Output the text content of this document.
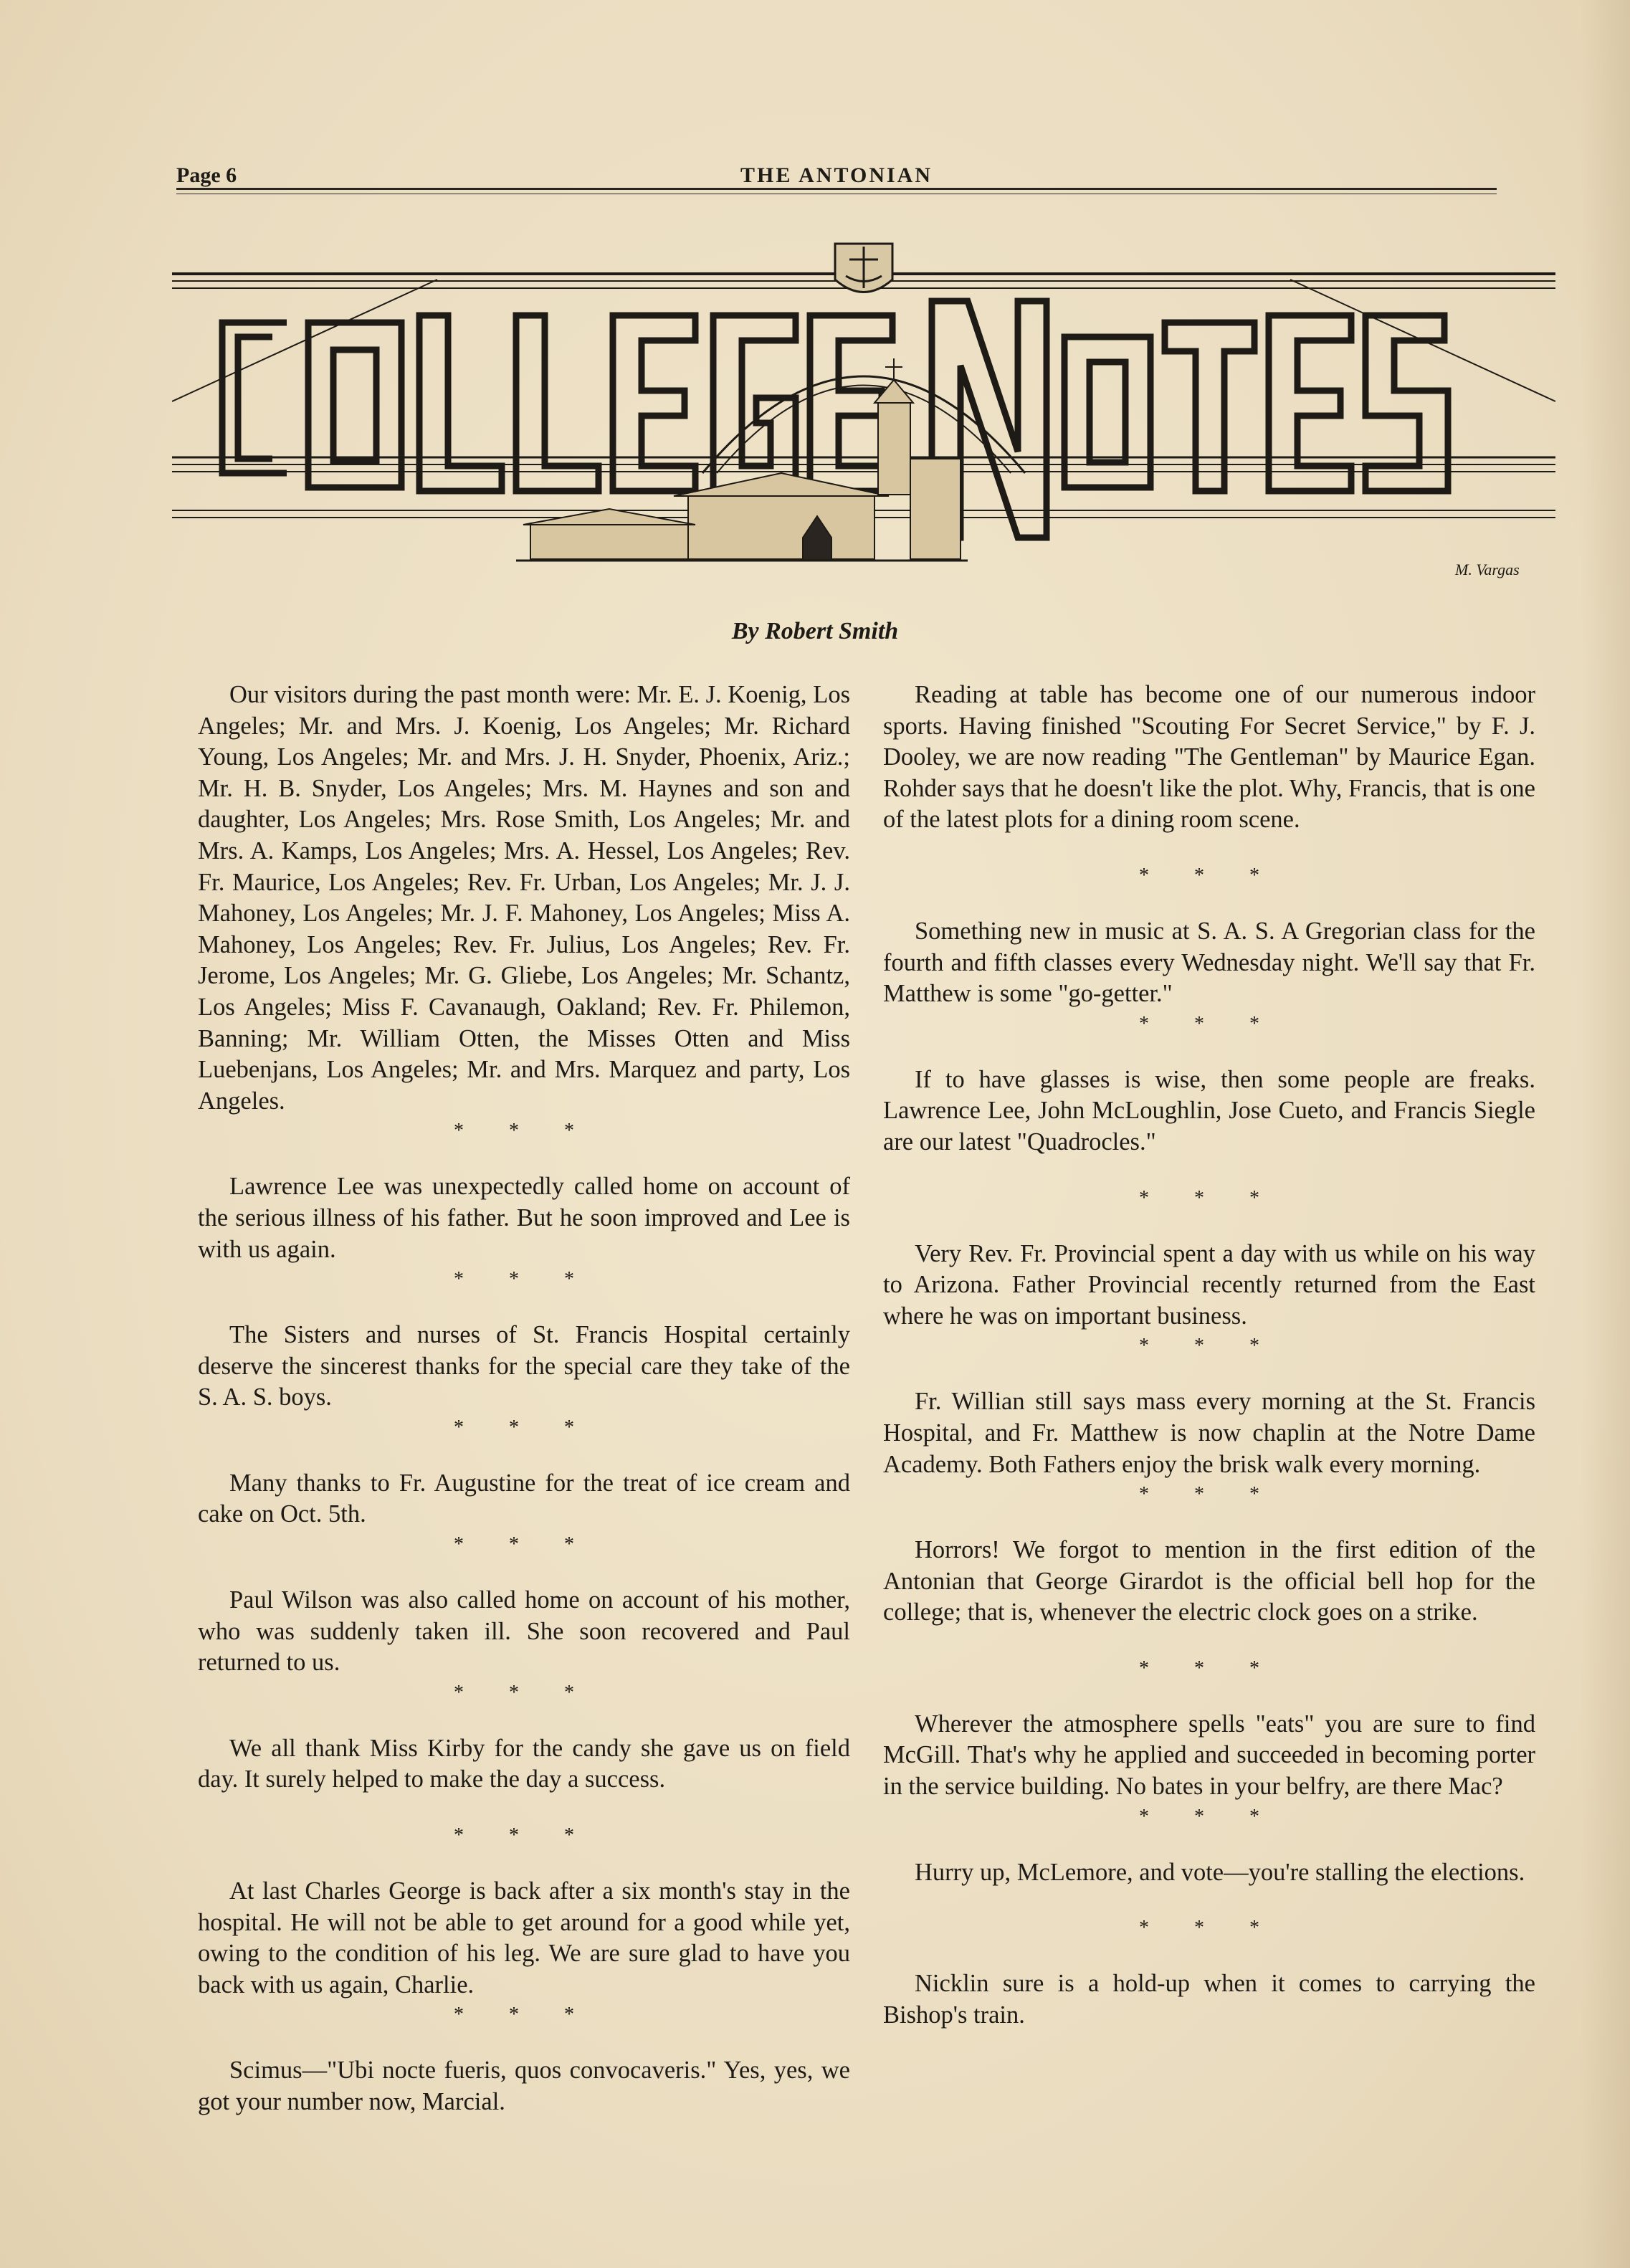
Page 6	THE ANTONIAN
M. Vargas
By Robert Smith

Our visitors during the past month were: Mr. E. J. Koenig, Los Angeles; Mr. and Mrs. J. Koenig, Los Angeles; Mr. Richard Young, Los Angeles; Mr. and Mrs. J. H. Snyder, Phoenix, Ariz.; Mr. H. B. Snyder, Los Angeles; Mrs. M. Haynes and son and daughter, Los Angeles; Mrs. Rose Smith, Los Angeles; Mr. and Mrs. A. Kamps, Los Angeles; Mrs. A. Hessel, Los Angeles; Rev. Fr. Maurice, Los Angeles; Rev. Fr. Urban, Los Angeles; Mr. J. J. Mahoney, Los Angeles; Mr. J. F. Mahoney, Los Angeles; Miss A. Mahoney, Los Angeles; Rev. Fr. Julius, Los Angeles; Rev. Fr. Jerome, Los Angeles; Mr. G. Gliebe, Los Angeles; Mr. Schantz, Los Angeles; Miss F. Cavanaugh, Oakland; Rev. Fr. Philemon, Banning; Mr. William Otten, the Misses Otten and Miss Luebenjans, Los Angeles; Mr. and Mrs. Marquez and party, Los Angeles.

* * *

Lawrence Lee was unexpectedly called home on account of the serious illness of his father. But he soon improved and Lee is with us again.

* * *

The Sisters and nurses of St. Francis Hospital certainly deserve the sincerest thanks for the special care they take of the S. A. S. boys.

* * *

Many thanks to Fr. Augustine for the treat of ice cream and cake on Oct. 5th.

* * *

Paul Wilson was also called home on account of his mother, who was suddenly taken ill. She soon recovered and Paul returned to us.

* * *

We all thank Miss Kirby for the candy she gave us on field day. It surely helped to make the day a success.

* * *

At last Charles George is back after a six month's stay in the hospital. He will not be able to get around for a good while yet, owing to the condition of his leg. We are sure glad to have you back with us again, Charlie.

* * *

Scimus—"Ubi nocte fueris, quos convocaveris." Yes, yes, we got your number now, Marcial.

Reading at table has become one of our numerous indoor sports. Having finished "Scouting For Secret Service," by F. J. Dooley, we are now reading "The Gentleman" by Maurice Egan. Rohder says that he doesn't like the plot. Why, Francis, that is one of the latest plots for a dining room scene.

* * *

Something new in music at S. A. S. A Gregorian class for the fourth and fifth classes every Wednesday night. We'll say that Fr. Matthew is some "go-getter."

* * *

If to have glasses is wise, then some people are freaks. Lawrence Lee, John McLoughlin, Jose Cueto, and Francis Siegle are our latest "Quadrocles."

* * *

Very Rev. Fr. Provincial spent a day with us while on his way to Arizona. Father Provincial recently returned from the East where he was on important business.

* * *

Fr. Willian still says mass every morning at the St. Francis Hospital, and Fr. Matthew is now chaplin at the Notre Dame Academy. Both Fathers enjoy the brisk walk every morning.

* * *

Horrors! We forgot to mention in the first edition of the Antonian that George Girardot is the official bell hop for the college; that is, whenever the electric clock goes on a strike.

* * *

Wherever the atmosphere spells "eats" you are sure to find McGill. That's why he applied and succeeded in becoming porter in the service building. No bates in your belfry, are there Mac?

* * *

Hurry up, McLemore, and vote—you're stalling the elections.

* * *

Nicklin sure is a hold-up when it comes to carrying the Bishop's train.
